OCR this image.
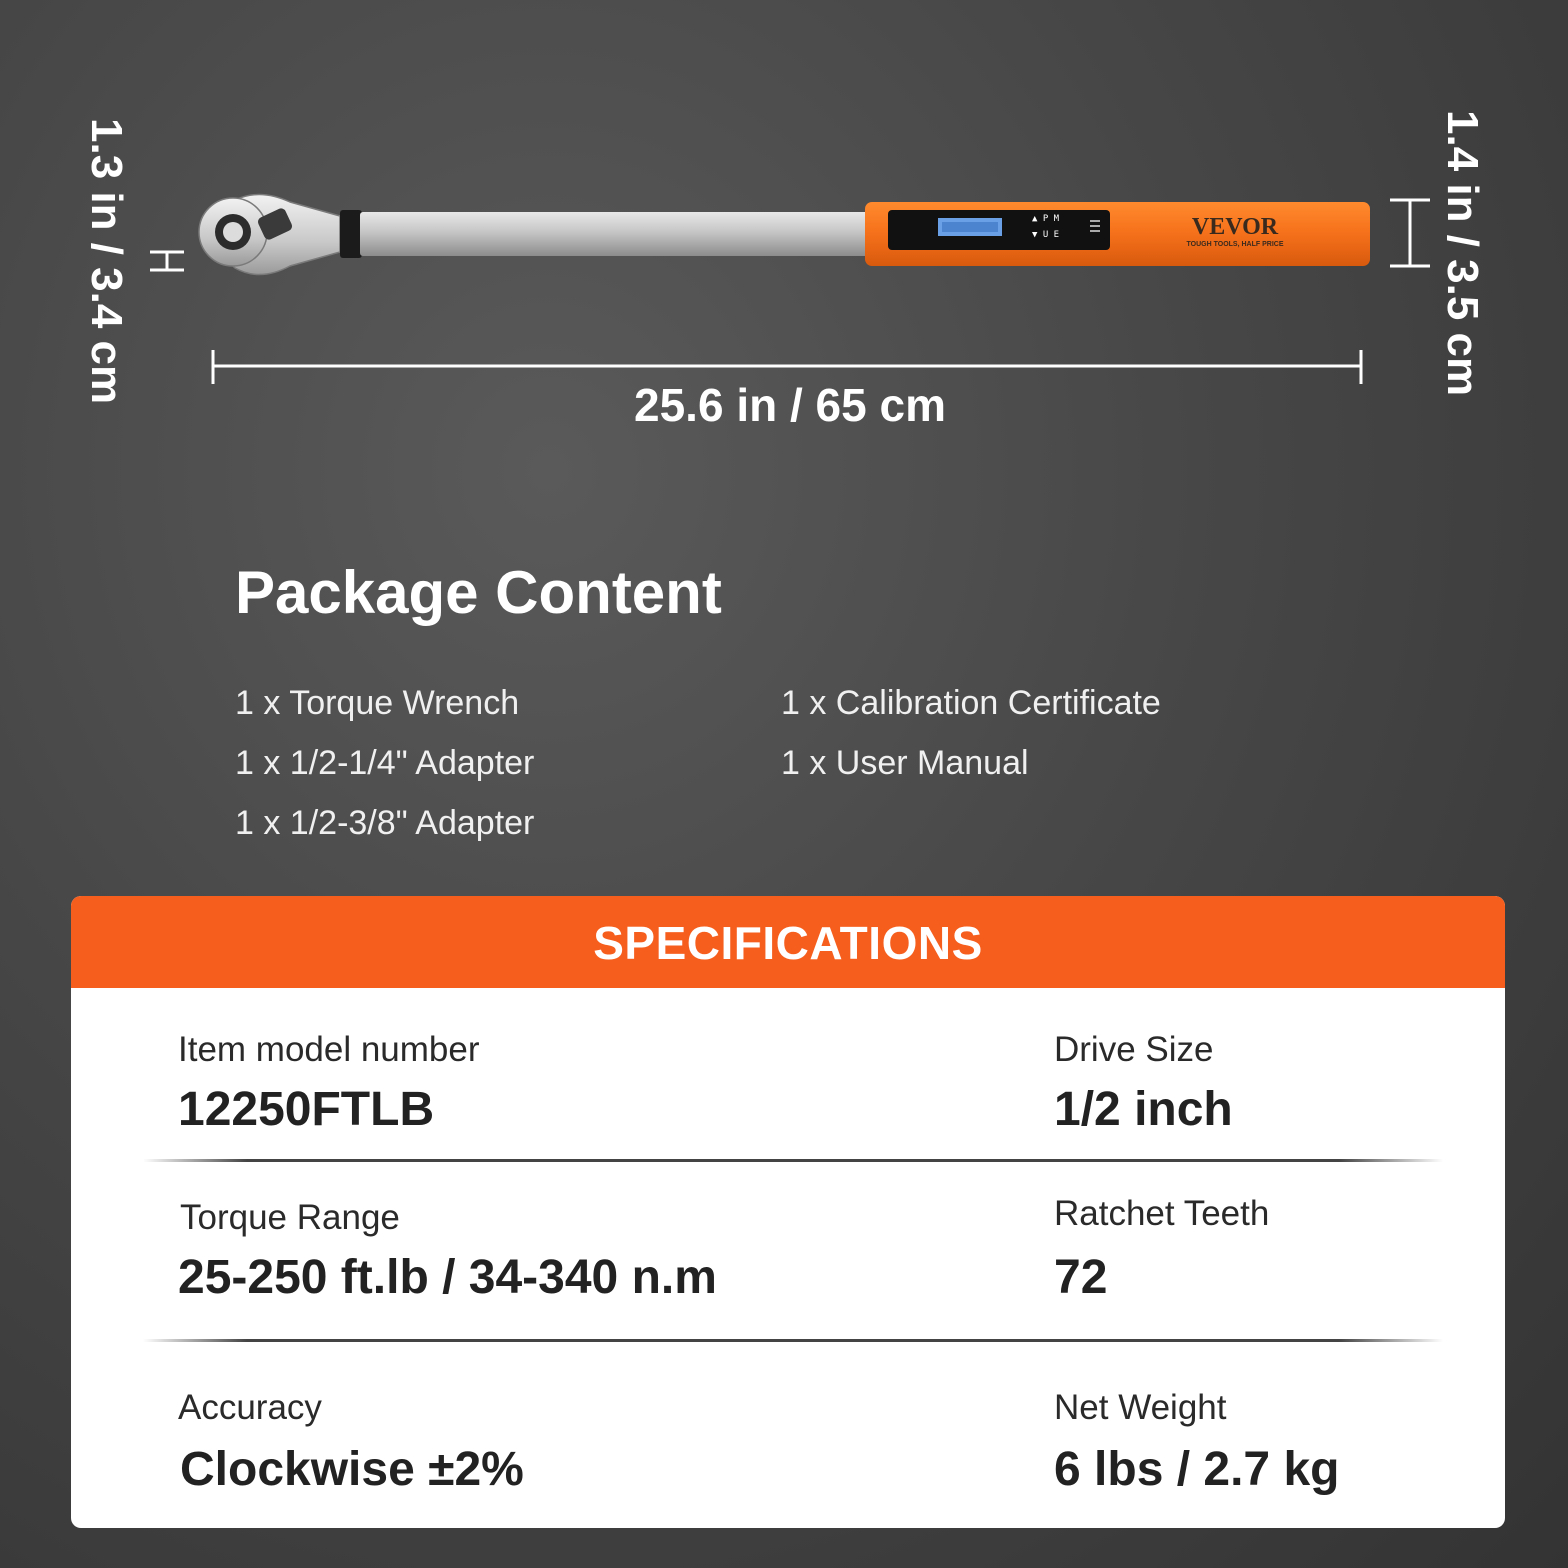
1.3 in / 3.4 cm	1.4 in / 3.5 cm
▲ P M
▼ U E	VEVOR
TOUGH TOOLS, HALF PRICE
25.6 in / 65 cm
Package Content
1 x Torque Wrench
1 x 1/2-1/4" Adapter
1 x 1/2-3/8" Adapter
1 x Calibration Certificate
1 x User Manual
SPECIFICATIONS
Item model number
12250FTLB
Drive Size
1/2 inch
Torque Range
25-250 ft.lb / 34-340 n.m
Ratchet Teeth
72
Accuracy
Clockwise ±2%
Net Weight
6 lbs / 2.7 kg
